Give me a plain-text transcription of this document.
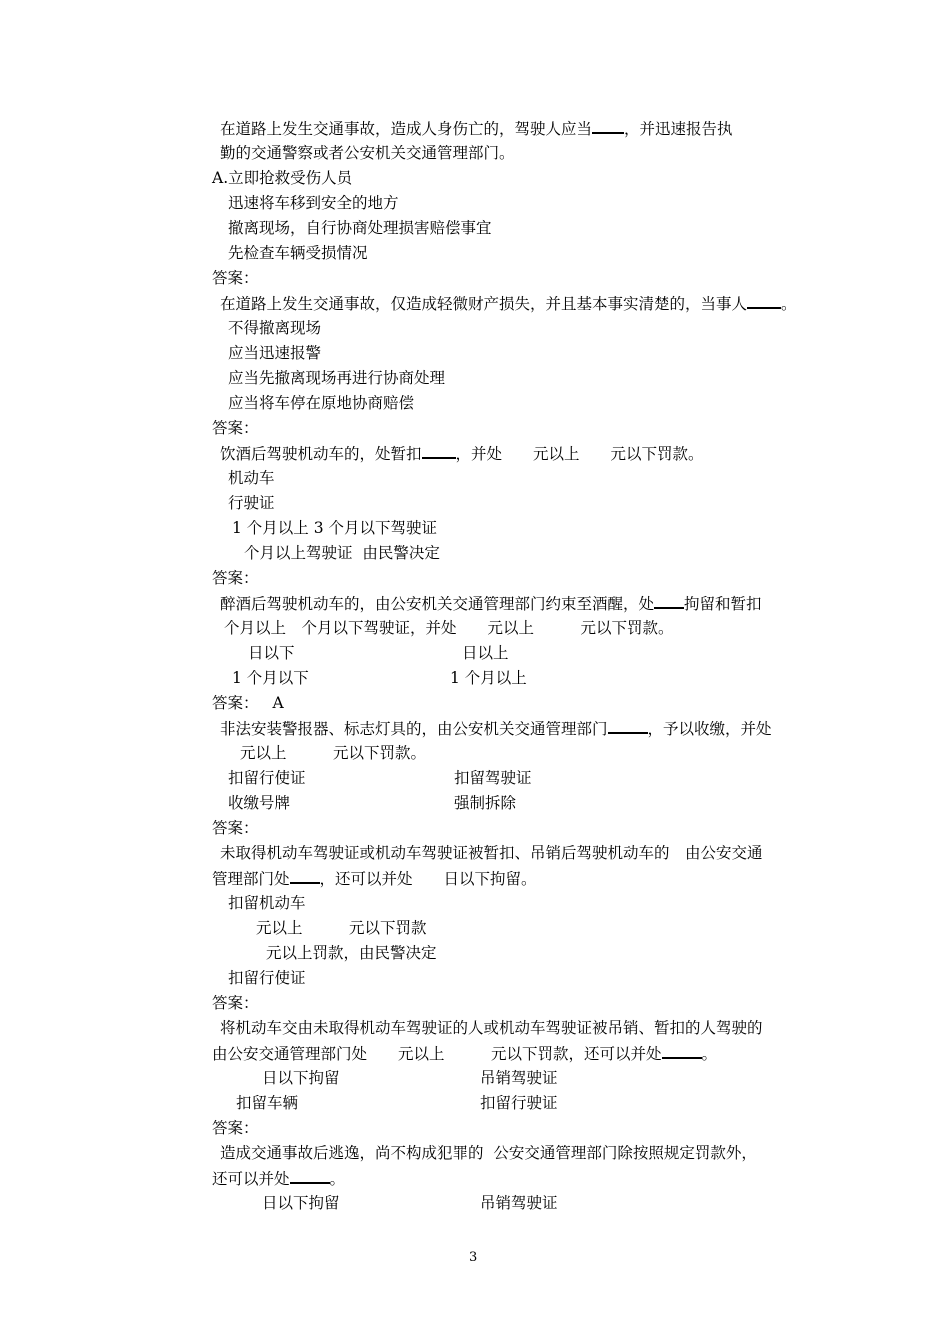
在道路上发生交通事故，造成人身伤亡的，驾驶人应当 ，并迅速报告执
勤的交通警察或者公安机关交通管理部门。
A.立即抢救受伤人员
迅速将车移到安全的地方
撤离现场，自行协商处理损害赔偿事宜
先检查车辆受损情况
答案：
在道路上发生交通事故，仅造成轻微财产损失，并且基本事实清楚的，当事人 。
不得撤离现场
应当迅速报警
应当先撤离现场再进行协商处理
应当将车停在原地协商赔偿
答案：
饮酒后驾驶机动车的，处暂扣 ，并处　　元以上　　元以下罚款。
机动车
行驶证
1 个月以上 3 个月以下驾驶证
个月以上驾驶证  由民警决定
答案：
醉酒后驾驶机动车的，由公安机关交通管理部门约束至酒醒，处 拘留和暂扣
个月以上　个月以下驾驶证，并处　　元以上　　　元以下罚款。
日以下	日以上
1 个月以下	1 个月以上
答案： A
非法安装警报器、标志灯具的，由公安机关交通管理部门	，予以收缴，并处
元以上　　　元以下罚款。
扣留行使证	扣留驾驶证
收缴号牌	强制拆除
答案：
未取得机动车驾驶证或机动车驾驶证被暂扣、吊销后驾驶机动车的　由公安交通
管理部门处 ，还可以并处　　日以下拘留。
扣留机动车
元以上　　　元以下罚款
元以上罚款，由民警决定
扣留行使证
答案：
将机动车交由未取得机动车驾驶证的人或机动车驾驶证被吊销、暂扣的人驾驶的
由公安交通管理部门处　　元以上　　　元以下罚款，还可以并处	。
日以下拘留	吊销驾驶证
扣留车辆	扣留行驶证
答案：
造成交通事故后逃逸，尚不构成犯罪的  公安交通管理部门除按照规定罚款外，
还可以并处	。
日以下拘留	吊销驾驶证
3
